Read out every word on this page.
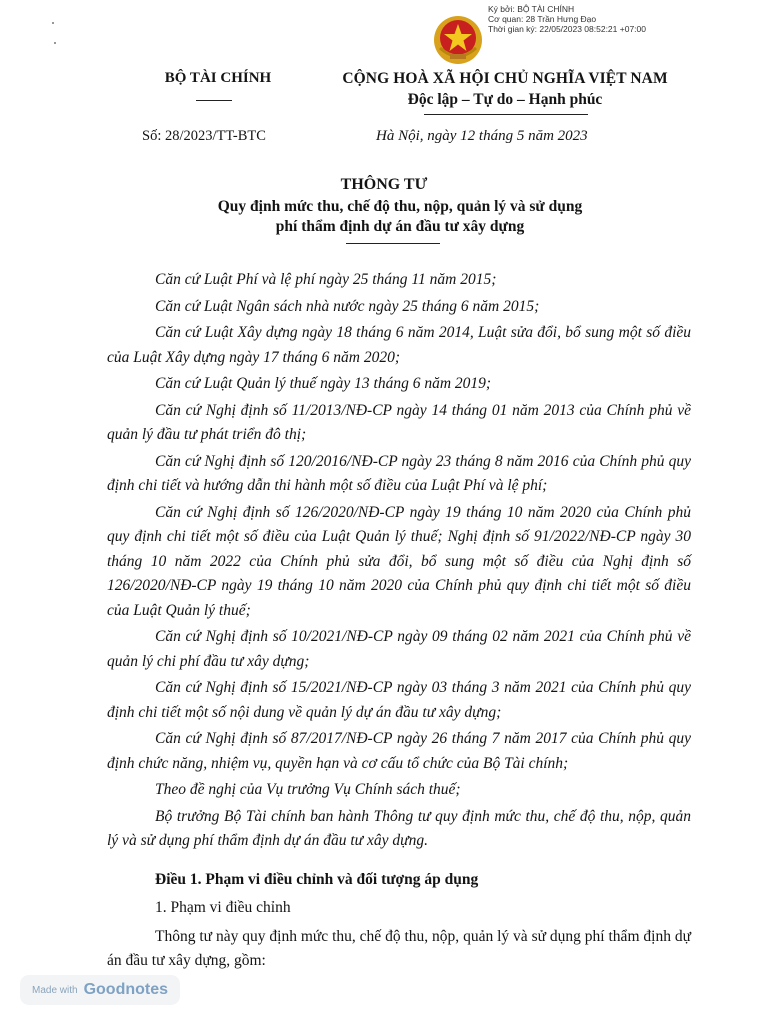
Ký bởi: BỘ TÀI CHÍNH
Cơ quan: 28 Trần Hưng Đạo
Thời gian ký: 22/05/2023 08:52:21 +07:00
BỘ TÀI CHÍNH	CỘNG HOÀ XÃ HỘI CHỦ NGHĨA VIỆT NAM
Độc lập – Tự do – Hạnh phúc
Số: 28/2023/TT-BTC	Hà Nội, ngày 12 tháng 5 năm 2023
THÔNG TƯ
Quy định mức thu, chế độ thu, nộp, quản lý và sử dụng
phí thẩm định dự án đầu tư xây dựng

Căn cứ Luật Phí và lệ phí ngày 25 tháng 11 năm 2015;

Căn cứ Luật Ngân sách nhà nước ngày 25 tháng 6 năm 2015;

Căn cứ Luật Xây dựng ngày 18 tháng 6 năm 2014, Luật sửa đổi, bổ sung một số điều của Luật Xây dựng ngày 17 tháng 6 năm 2020;

Căn cứ Luật Quản lý thuế ngày 13 tháng 6 năm 2019;

Căn cứ Nghị định số 11/2013/NĐ-CP ngày 14 tháng 01 năm 2013 của Chính phủ về quản lý đầu tư phát triển đô thị;

Căn cứ Nghị định số 120/2016/NĐ-CP ngày 23 tháng 8 năm 2016 của Chính phủ quy định chi tiết và hướng dẫn thi hành một số điều của Luật Phí và lệ phí;

Căn cứ Nghị định số 126/2020/NĐ-CP ngày 19 tháng 10 năm 2020 của Chính phủ quy định chi tiết một số điều của Luật Quản lý thuế; Nghị định số 91/2022/NĐ-CP ngày 30 tháng 10 năm 2022 của Chính phủ sửa đổi, bổ sung một số điều của Nghị định số 126/2020/NĐ-CP ngày 19 tháng 10 năm 2020 của Chính phủ quy định chi tiết một số điều của Luật Quản lý thuế;

Căn cứ Nghị định số 10/2021/NĐ-CP ngày 09 tháng 02 năm 2021 của Chính phủ về quản lý chi phí đầu tư xây dựng;

Căn cứ Nghị định số 15/2021/NĐ-CP ngày 03 tháng 3 năm 2021 của Chính phủ quy định chi tiết một số nội dung về quản lý dự án đầu tư xây dựng;

Căn cứ Nghị định số 87/2017/NĐ-CP ngày 26 tháng 7 năm 2017 của Chính phủ quy định chức năng, nhiệm vụ, quyền hạn và cơ cấu tổ chức của Bộ Tài chính;

Theo đề nghị của Vụ trưởng Vụ Chính sách thuế;

Bộ trưởng Bộ Tài chính ban hành Thông tư quy định mức thu, chế độ thu, nộp, quản lý và sử dụng phí thẩm định dự án đầu tư xây dựng.

Điều 1. Phạm vi điều chỉnh và đối tượng áp dụng

1. Phạm vi điều chỉnh

Thông tư này quy định mức thu, chế độ thu, nộp, quản lý và sử dụng phí thẩm định dự án đầu tư xây dựng, gồm:

Made with Goodnotes
